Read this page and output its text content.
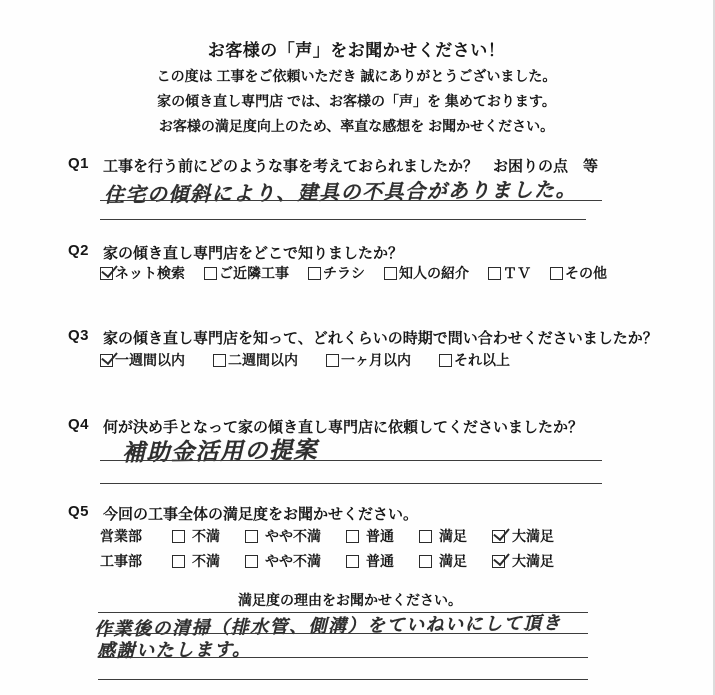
お客様の「声」をお聞かせください！
この度は 工事をご依頼いただき 誠にありがとうございました。
家の傾き直し専門店 では、お客様の「声」を 集めております。
お客様の満足度向上のため、率直な感想を お聞かせください。
Q1 工事を行う前にどのような事を考えておられましたか？　お困りの点　等
住宅の傾斜により、建具の不具合がありました。
Q2 家の傾き直し専門店をどこで知りましたか？
ネット検索 ご近隣工事 チラシ 知人の紹介 ＴＶ その他
Q3 家の傾き直し専門店を知って、どれくらいの時期で問い合わせくださいましたか？
一週間以内	二週間以内	一ヶ月以内	それ以上
Q4 何が決め手となって家の傾き直し専門店に依頼してくださいましたか？
補助金活用の提案
Q5 今回の工事全体の満足度をお聞かせください。
営業部	不満	やや不満	普通	満足	大満足
工事部	不満	やや不満	普通	満足	大満足
満足度の理由をお聞かせください。
作業後の清掃（排水管、側溝）をていねいにして頂き
感謝いたします。
